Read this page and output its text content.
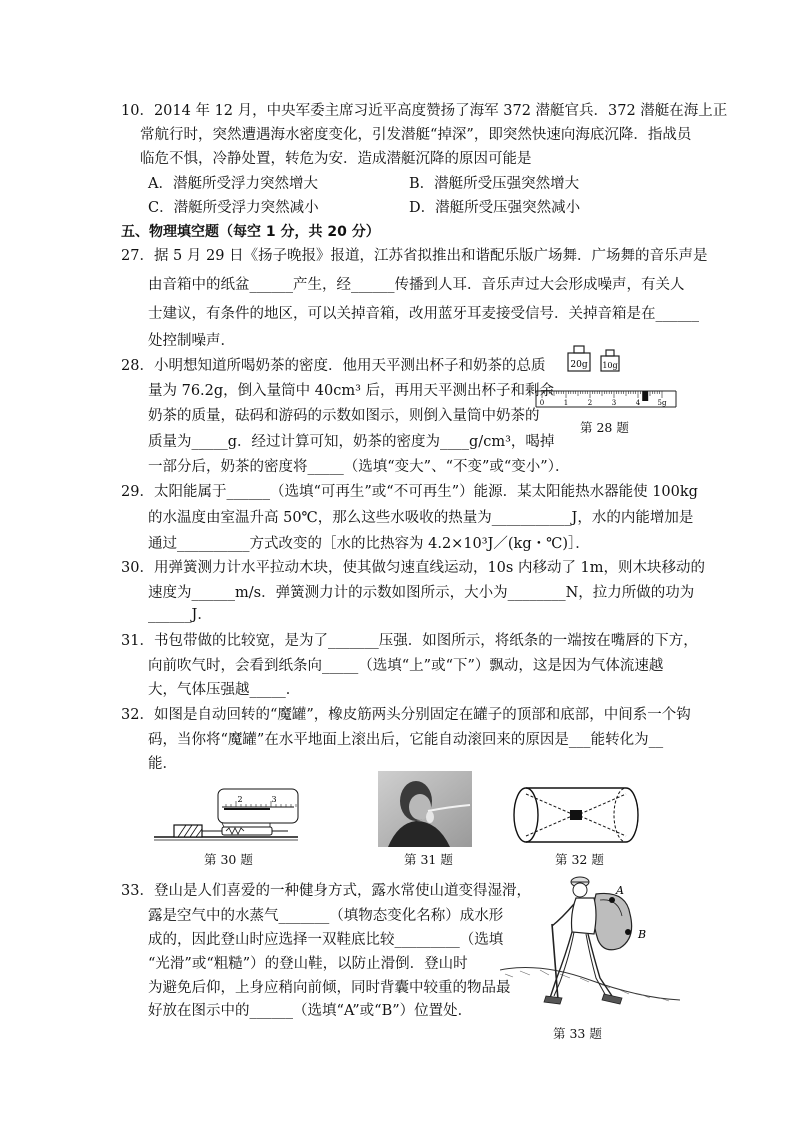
10．2014 年 12 月，中央军委主席习近平高度赞扬了海军 372 潜艇官兵．372 潜艇在海上正
常航行时，突然遭遇海水密度变化，引发潜艇“掉深”，即突然快速向海底沉降．指战员
临危不惧，冷静处置，转危为安．造成潜艇沉降的原因可能是
A．潜艇所受浮力突然增大	B．潜艇所受压强突然增大
C．潜艇所受浮力突然减小	D．潜艇所受压强突然减小
五、物理填空题（每空 1 分，共 20 分）
27．据 5 月 29 日《扬子晚报》报道，江苏省拟推出和谐配乐版广场舞．广场舞的音乐声是
由音箱中的纸盆______产生，经______传播到人耳．音乐声过大会形成噪声，有关人
士建议，有条件的地区，可以关掉音箱，改用蓝牙耳麦接受信号．关掉音箱是在______
处控制噪声．
28．小明想知道所喝奶茶的密度．他用天平测出杯子和奶茶的总质
量为 76.2g，倒入量筒中 40cm³ 后，再用天平测出杯子和剩余
奶茶的质量，砝码和游码的示数如图示，则倒入量筒中奶茶的
质量为_____g．经过计算可知，奶茶的密度为____g/cm³，喝掉
一部分后，奶茶的密度将_____（选填“变大”、“不变”或“变小”）．
20g 10g
0	1	2	3	4 5g
第 28 题
29．太阳能属于______（选填“可再生”或“不可再生”）能源．某太阳能热水器能使 100kg
的水温度由室温升高 50℃，那么这些水吸收的热量为___________J，水的内能增加是
通过__________方式改变的［水的比热容为 4.2×10³J／(kg・℃)］．
30．用弹簧测力计水平拉动木块，使其做匀速直线运动，10s 内移动了 1m，则木块移动的
速度为______m/s．弹簧测力计的示数如图所示，大小为________N，拉力所做的功为
______J．
31．书包带做的比较宽，是为了_______压强．如图所示，将纸条的一端按在嘴唇的下方，
向前吹气时，会看到纸条向_____（选填“上”或“下”）飘动，这是因为气体流速越
大，气体压强越_____．
32．如图是自动回转的“魔罐”，橡皮筋两头分别固定在罐子的顶部和底部，中间系一个钩
码，当你将“魔罐”在水平地面上滚出后，它能自动滚回来的原因是___能转化为__
能．
2	3
第 30 题	第 31 题	第 32 题
33．登山是人们喜爱的一种健身方式，露水常使山道变得湿滑，
露是空气中的水蒸气_______（填物态变化名称）成水形
成的，因此登山时应选择一双鞋底比较_________（选填
“光滑”或“粗糙”）的登山鞋，以防止滑倒．登山时
为避免后仰，上身应稍向前倾，同时背囊中较重的物品最
好放在图示中的______（选填“A”或“B”）位置处．
A
B
第 33 题
